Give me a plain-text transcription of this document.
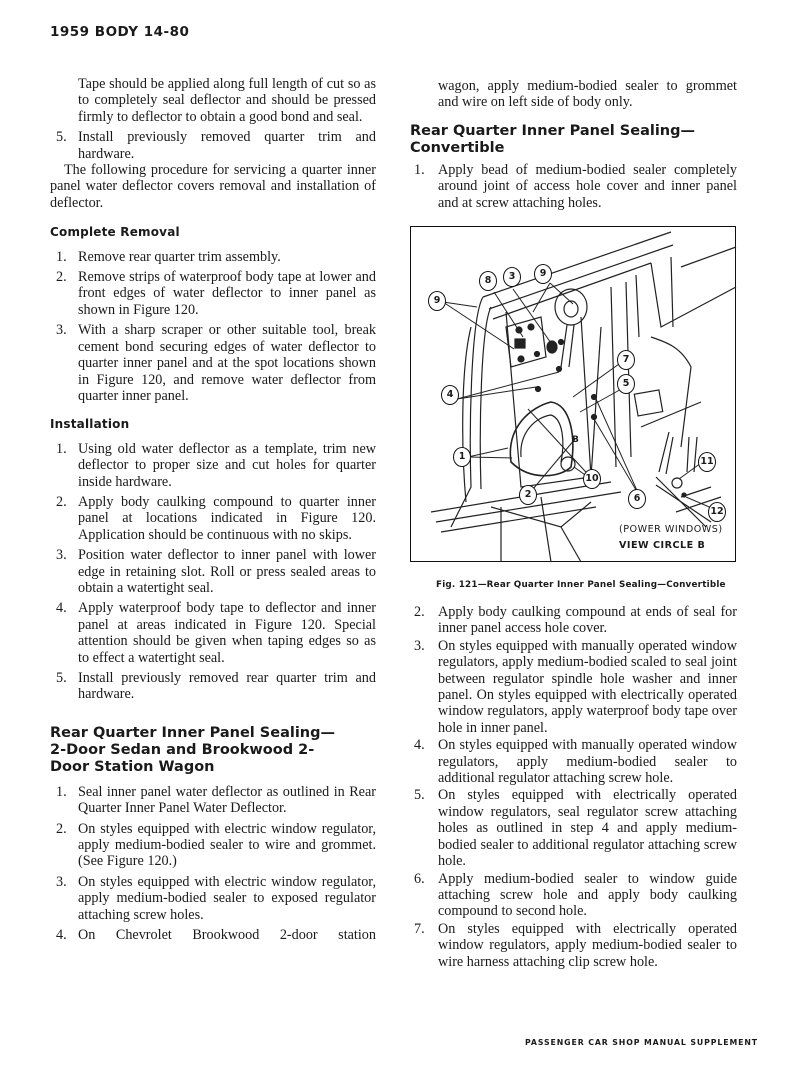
1959 BODY 14-80

Tape should be applied along full length of cut so as to completely seal deflector and should be pressed firmly to deflector to obtain a good bond and seal.

5. Install previously removed quarter trim and hardware.

The following procedure for servicing a quarter inner panel water deflector covers removal and installation of deflector.

Complete Removal
1. Remove rear quarter trim assembly.
2. Remove strips of waterproof body tape at lower and front edges of water deflector to inner panel as shown in Figure 120.
3. With a sharp scraper or other suitable tool, break cement bond securing edges of water deflector to quarter inner panel and at the spot locations shown in Figure 120, and remove water deflector from quarter inner panel.
Installation
1. Using old water deflector as a template, trim new deflector to proper size and cut holes for quarter inside hardware.
2. Apply body caulking compound to quarter inner panel at locations indicated in Figure 120. Application should be continuous with no skips.
3. Position water deflector to inner panel with lower edge in retaining slot. Roll or press sealed areas to obtain a watertight seal.
4. Apply waterproof body tape to deflector and inner panel at areas indicated in Figure 120. Special attention should be given when taping edges so as to effect a watertight seal.
5. Install previously removed rear quarter trim and hardware.
Rear Quarter Inner Panel Sealing—2-Door Sedan and Brookwood 2-Door Station Wagon
1. Seal inner panel water deflector as outlined in Rear Quarter Inner Panel Water Deflector.
2. On styles equipped with electric window regulator, apply medium-bodied sealer to wire and grommet. (See Figure 120.)
3. On styles equipped with electric window regulator, apply medium-bodied sealer to exposed regulator attaching screw holes.
4. On Chevrolet Brookwood 2-door station

wagon, apply medium-bodied sealer to grommet and wire on left side of body only.

Rear Quarter Inner Panel Sealing—Convertible
1. Apply bead of medium-bodied sealer completely around joint of access hole cover and inner panel and at screw attaching holes.
9
8	3	9
4
7
5
1
2
10
6
11
12
B
(POWER WINDOWS)
VIEW CIRCLE B
Fig. 121—Rear Quarter Inner Panel Sealing—Convertible
2. Apply body caulking compound at ends of seal for inner panel access hole cover.
3. On styles equipped with manually operated window regulators, apply medium-bodied scaled to seal joint between regulator spindle hole washer and inner panel. On styles equipped with electrically operated window regulators, apply waterproof body tape over hole in inner panel.
4. On styles equipped with manually operated window regulators, apply medium-bodied sealer to additional regulator attaching screw hole.
5. On styles equipped with electrically operated window regulators, seal regulator screw attaching holes as outlined in step 4 and apply medium-bodied sealer to additional regulator attaching screw hole.
6. Apply medium-bodied sealer to window guide attaching screw hole and apply body caulking compound to second hole.
7. On styles equipped with electrically operated window regulators, apply medium-bodied sealer to wire harness attaching clip screw hole.
PASSENGER CAR SHOP MANUAL SUPPLEMENT
